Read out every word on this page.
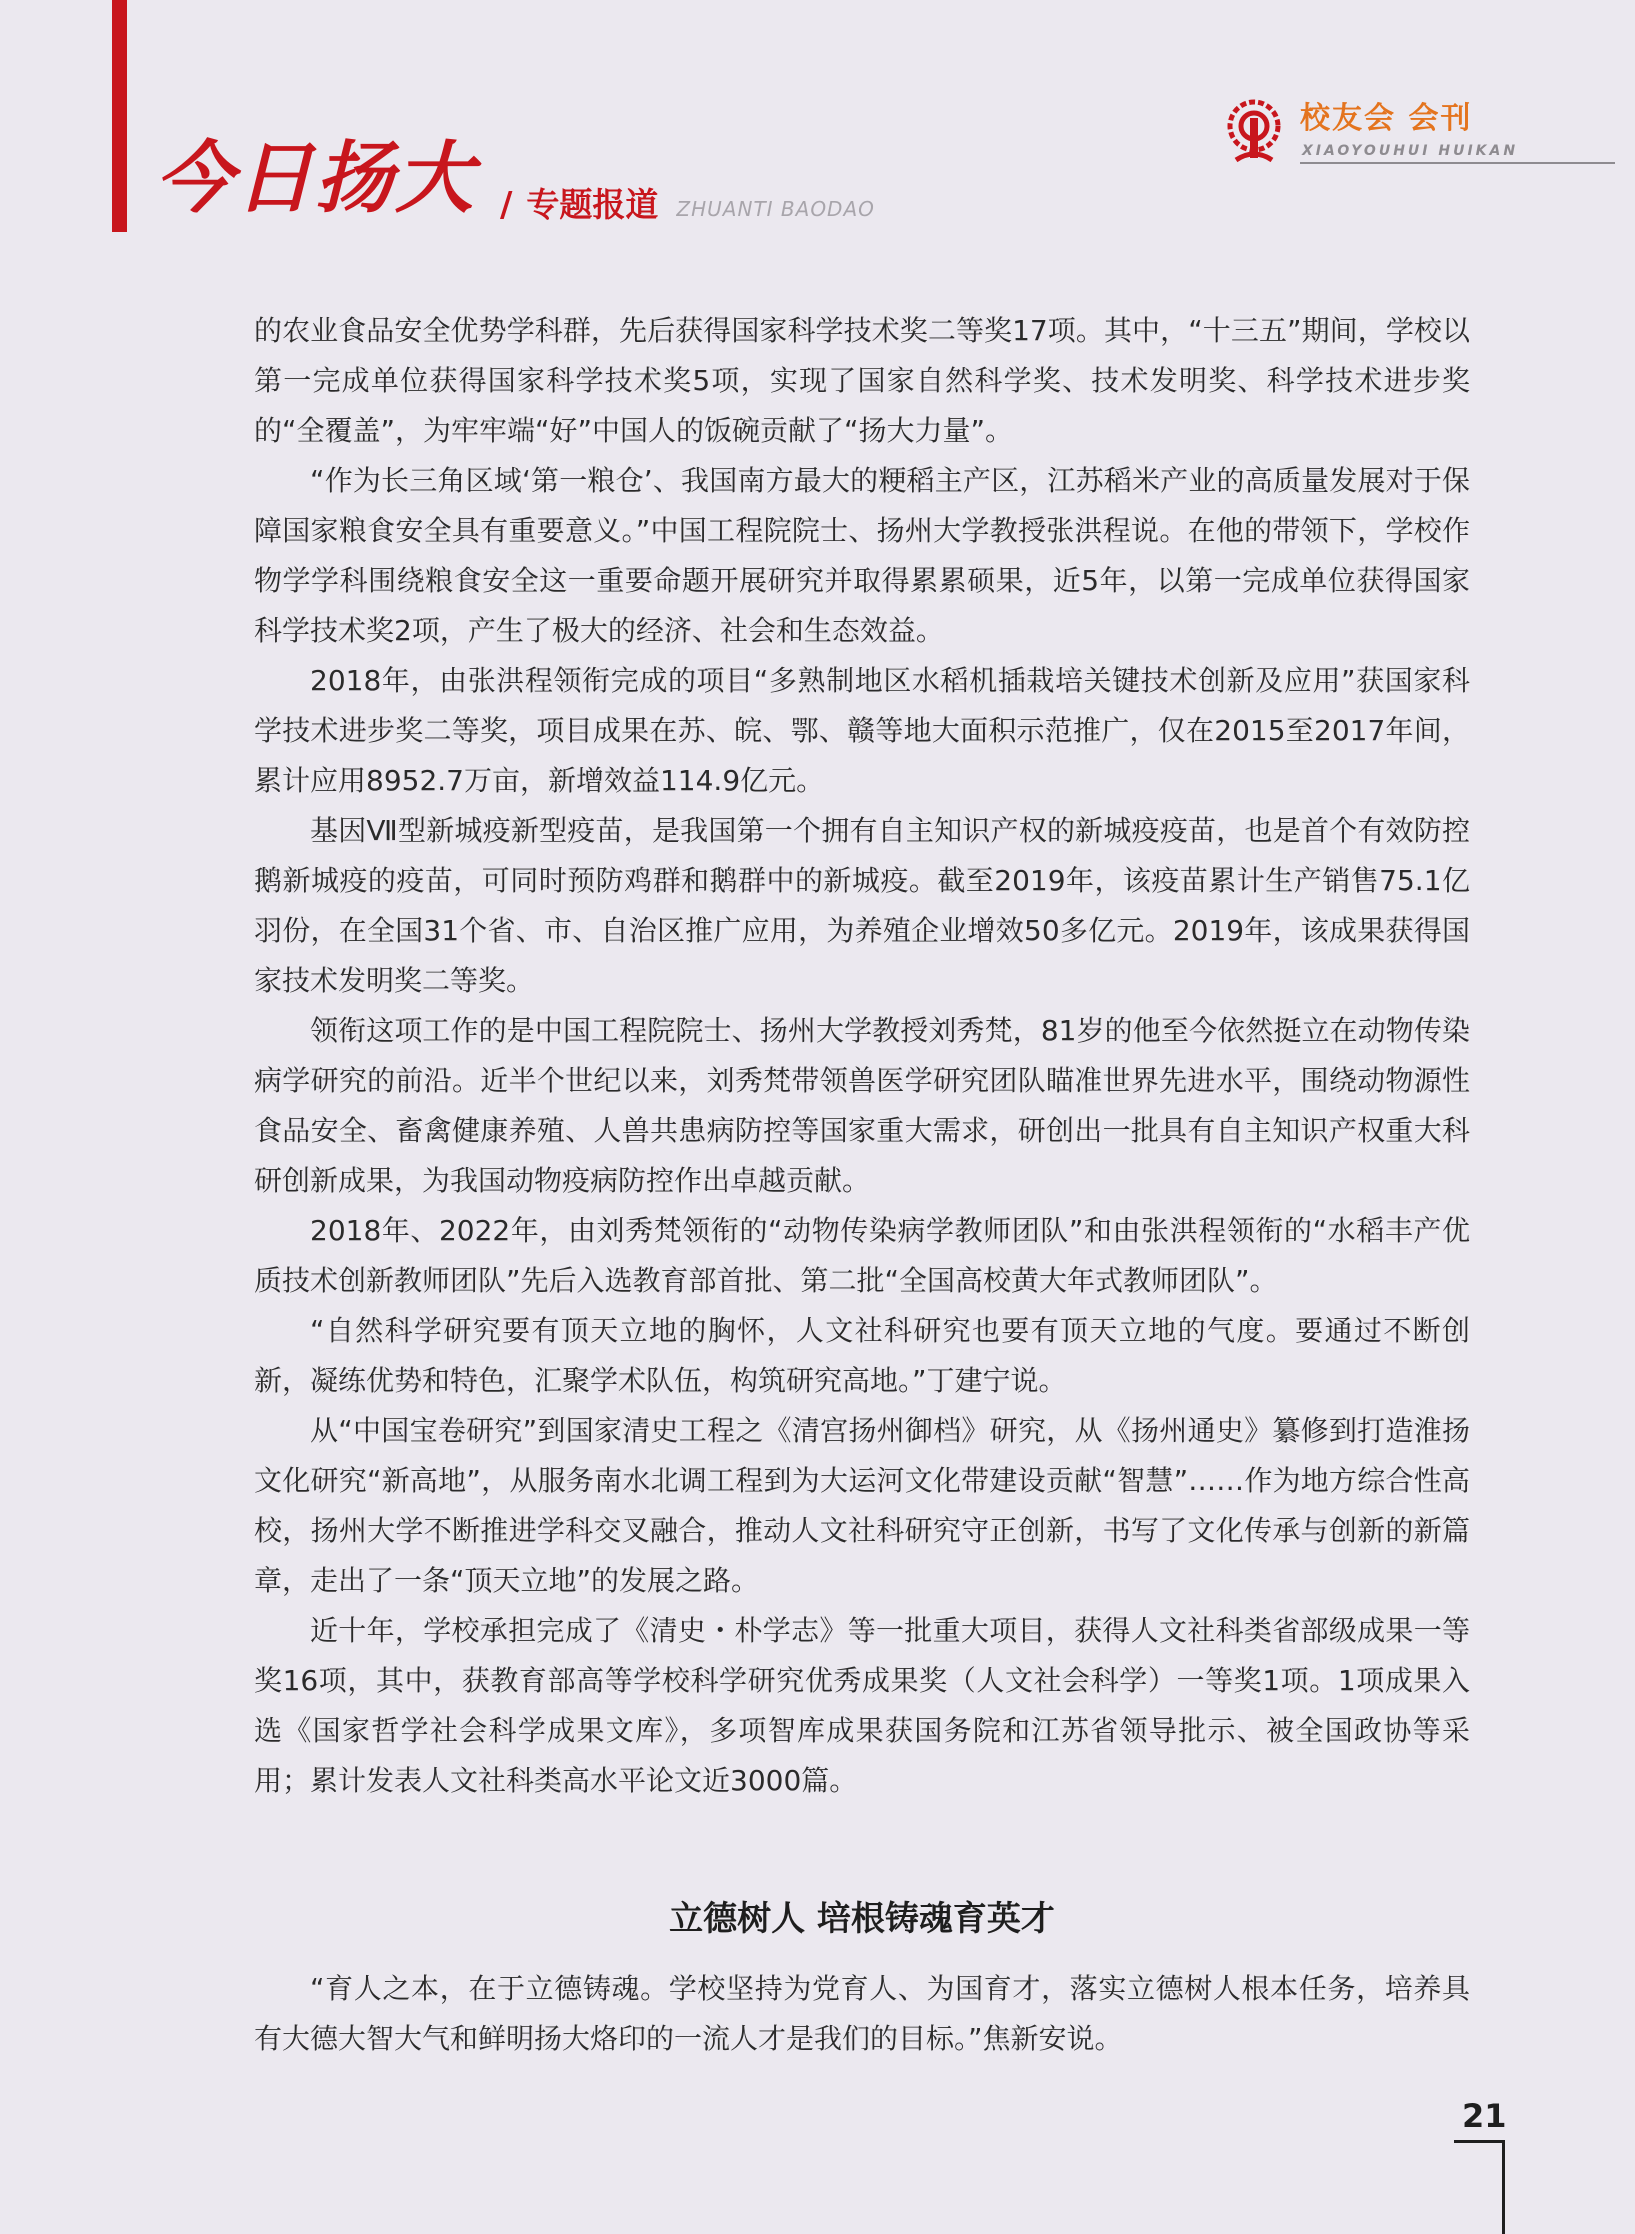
今日扬大 / 专题报道 ZHUANTI BAODAO
校友会 会刊
XIAOYOUHUI HUIKAN

的农业食品安全优势学科群，先后获得国家科学技术奖二等奖17项。其中，“十三五”期间，学校以第一完成单位获得国家科学技术奖5项，实现了国家自然科学奖、技术发明奖、科学技术进步奖的“全覆盖”，为牢牢端“好”中国人的饭碗贡献了“扬大力量”。

“作为长三角区域‘第一粮仓’、我国南方最大的粳稻主产区，江苏稻米产业的高质量发展对于保障国家粮食安全具有重要意义。”中国工程院院士、扬州大学教授张洪程说。在他的带领下，学校作物学学科围绕粮食安全这一重要命题开展研究并取得累累硕果，近5年，以第一完成单位获得国家科学技术奖2项，产生了极大的经济、社会和生态效益。

2018年，由张洪程领衔完成的项目“多熟制地区水稻机插栽培关键技术创新及应用”获国家科学技术进步奖二等奖，项目成果在苏、皖、鄂、赣等地大面积示范推广，仅在2015至2017年间，累计应用8952.7万亩，新增效益114.9亿元。

基因Ⅶ型新城疫新型疫苗，是我国第一个拥有自主知识产权的新城疫疫苗，也是首个有效防控鹅新城疫的疫苗，可同时预防鸡群和鹅群中的新城疫。截至2019年，该疫苗累计生产销售75.1亿羽份，在全国31个省、市、自治区推广应用，为养殖企业增效50多亿元。2019年，该成果获得国家技术发明奖二等奖。

领衔这项工作的是中国工程院院士、扬州大学教授刘秀梵，81岁的他至今依然挺立在动物传染病学研究的前沿。近半个世纪以来，刘秀梵带领兽医学研究团队瞄准世界先进水平，围绕动物源性食品安全、畜禽健康养殖、人兽共患病防控等国家重大需求，研创出一批具有自主知识产权重大科研创新成果，为我国动物疫病防控作出卓越贡献。

2018年、2022年，由刘秀梵领衔的“动物传染病学教师团队”和由张洪程领衔的“水稻丰产优质技术创新教师团队”先后入选教育部首批、第二批“全国高校黄大年式教师团队”。

“自然科学研究要有顶天立地的胸怀，人文社科研究也要有顶天立地的气度。要通过不断创新，凝练优势和特色，汇聚学术队伍，构筑研究高地。”丁建宁说。

从“中国宝卷研究”到国家清史工程之《清宫扬州御档》研究，从《扬州通史》纂修到打造淮扬文化研究“新高地”，从服务南水北调工程到为大运河文化带建设贡献“智慧”……作为地方综合性高校，扬州大学不断推进学科交叉融合，推动人文社科研究守正创新，书写了文化传承与创新的新篇章，走出了一条“顶天立地”的发展之路。

近十年，学校承担完成了《清史・朴学志》等一批重大项目，获得人文社科类省部级成果一等奖16项，其中，获教育部高等学校科学研究优秀成果奖（人文社会科学）一等奖1项。1项成果入选《国家哲学社会科学成果文库》，多项智库成果获国务院和江苏省领导批示、被全国政协等采用；累计发表人文社科类高水平论文近3000篇。

立德树人 培根铸魂育英才

“育人之本，在于立德铸魂。学校坚持为党育人、为国育才，落实立德树人根本任务，培养具有大德大智大气和鲜明扬大烙印的一流人才是我们的目标。”焦新安说。

21
